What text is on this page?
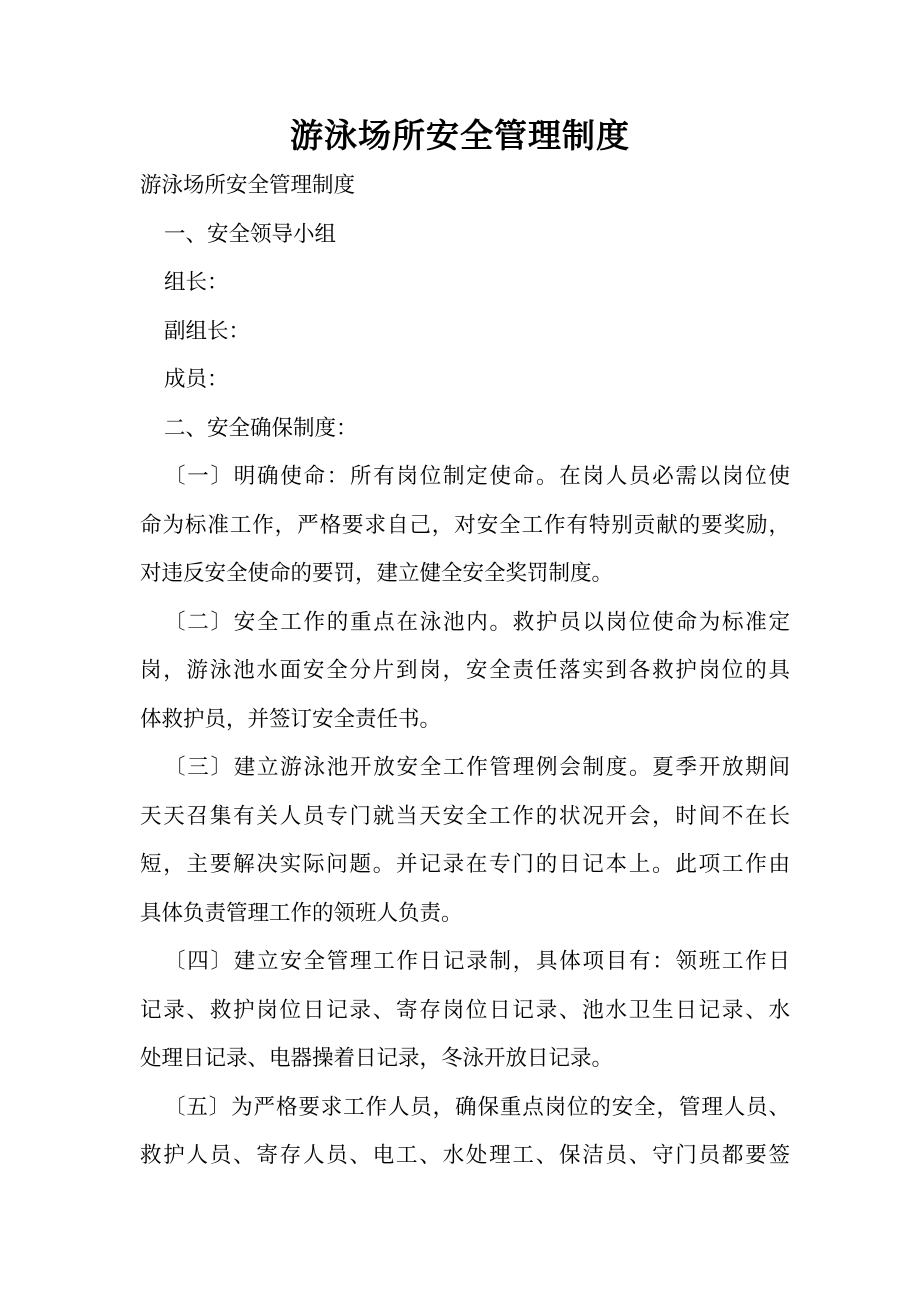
游泳场所安全管理制度

游泳场所安全管理制度

一、安全领导小组

组长：

副组长：

成员：

二、安全确保制度：

〔一〕明确使命：所有岗位制定使命。在岗人员必需以岗位使

命为标准工作，严格要求自己，对安全工作有特别贡献的要奖励，

对违反安全使命的要罚，建立健全安全奖罚制度。

〔二〕安全工作的重点在泳池内。救护员以岗位使命为标准定

岗，游泳池水面安全分片到岗，安全责任落实到各救护岗位的具

体救护员，并签订安全责任书。

〔三〕建立游泳池开放安全工作管理例会制度。夏季开放期间

天天召集有关人员专门就当天安全工作的状况开会，时间不在长

短，主要解决实际问题。并记录在专门的日记本上。此项工作由

具体负责管理工作的领班人负责。

〔四〕建立安全管理工作日记录制，具体项目有：领班工作日

记录、救护岗位日记录、寄存岗位日记录、池水卫生日记录、水

处理日记录、电器操着日记录，冬泳开放日记录。

〔五〕为严格要求工作人员，确保重点岗位的安全，管理人员、

救护人员、寄存人员、电工、水处理工、保洁员、守门员都要签
